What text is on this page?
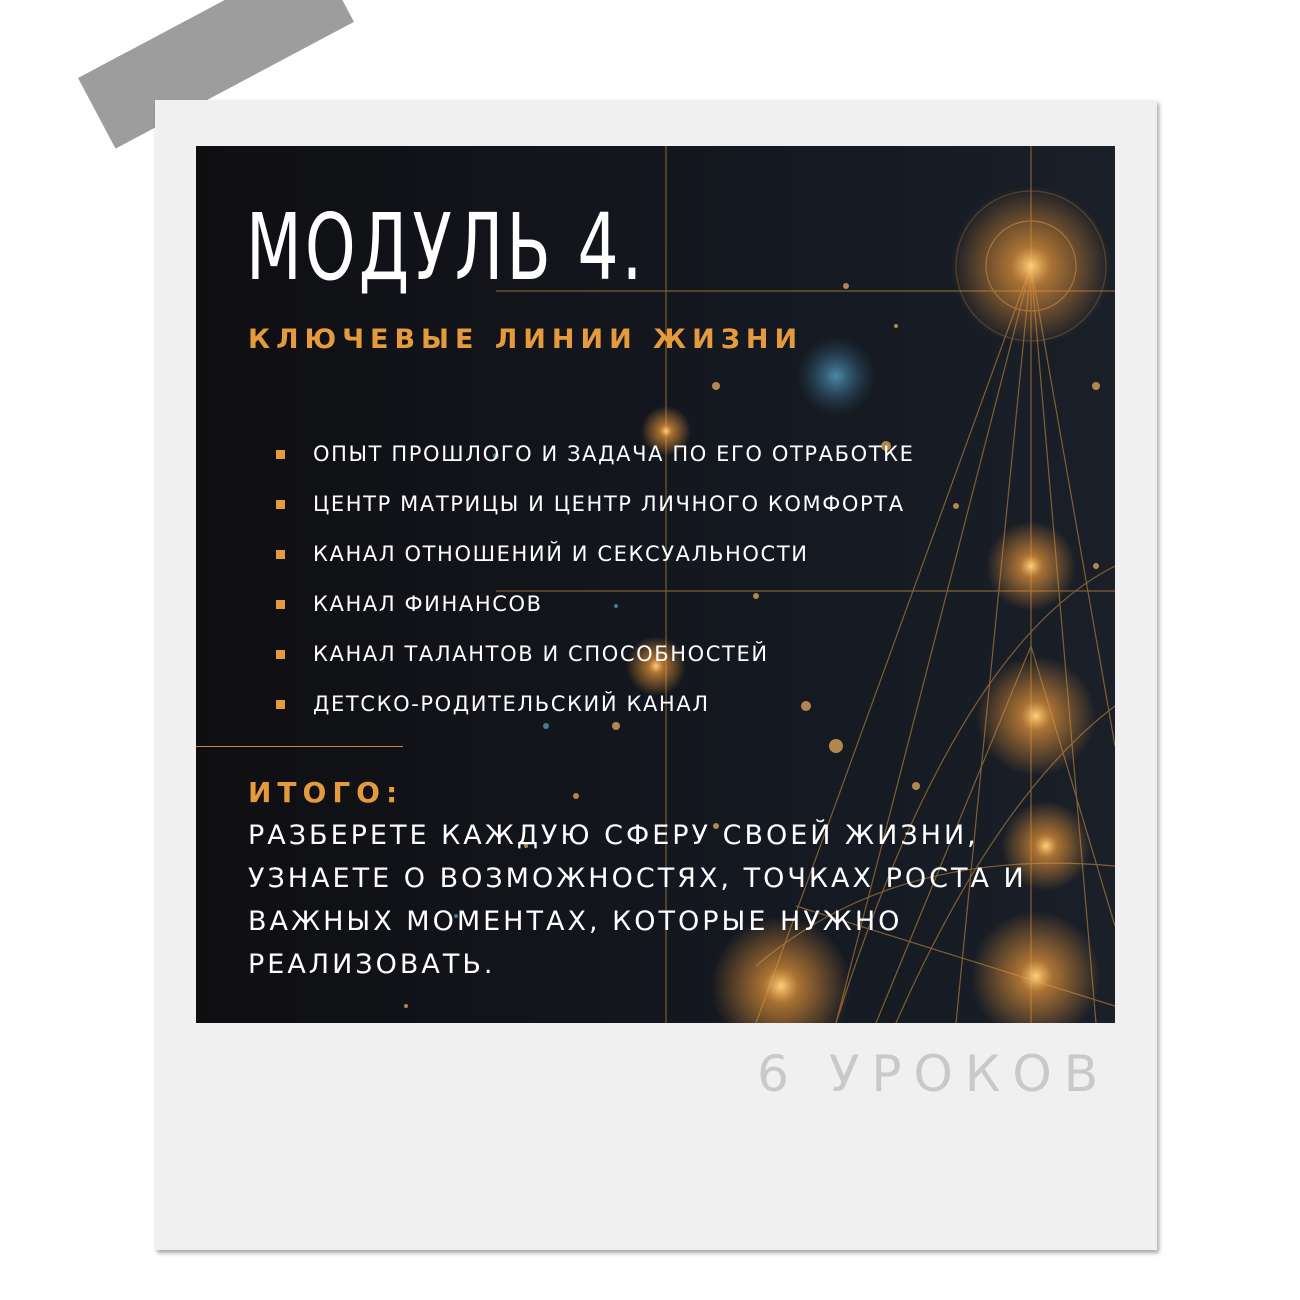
МОДУЛЬ 4.
КЛЮЧЕВЫЕ ЛИНИИ ЖИЗНИ
ОПЫТ ПРОШЛОГО И ЗАДАЧА ПО ЕГО ОТРАБОТКЕ
ЦЕНТР МАТРИЦЫ И ЦЕНТР ЛИЧНОГО КОМФОРТА
КАНАЛ ОТНОШЕНИЙ И СЕКСУАЛЬНОСТИ
КАНАЛ ФИНАНСОВ
КАНАЛ ТАЛАНТОВ И СПОСОБНОСТЕЙ
ДЕТСКО-РОДИТЕЛЬСКИЙ КАНАЛ
ИТОГО:
РАЗБЕРЕТЕ КАЖДУЮ СФЕРУ СВОЕЙ ЖИЗНИ, УЗНАЕТЕ О ВОЗМОЖНОСТЯХ, ТОЧКАХ РОСТА И ВАЖНЫХ МОМЕНТАХ, КОТОРЫЕ НУЖНО РЕАЛИЗОВАТЬ.
6 УРОКОВ
